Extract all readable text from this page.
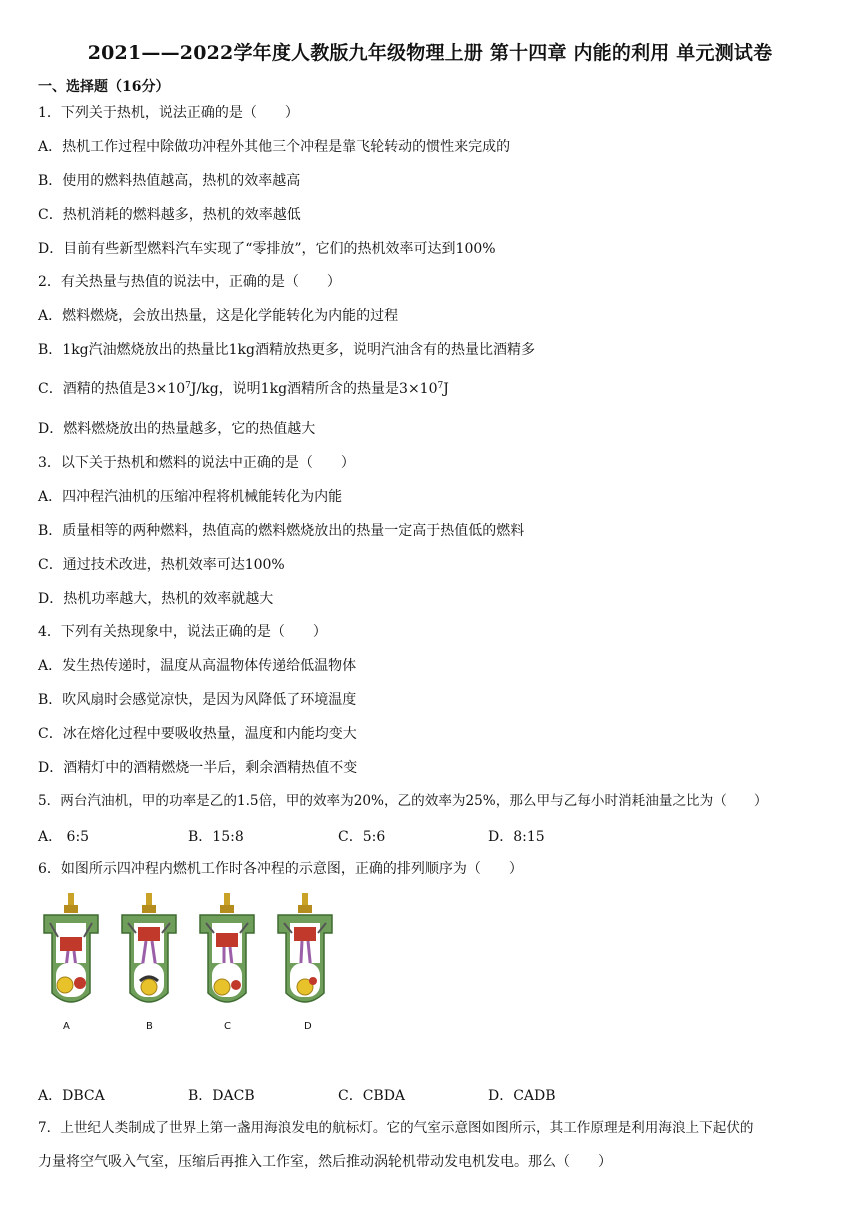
2021——2022学年度人教版九年级物理上册 第十四章 内能的利用 单元测试卷
一、选择题（16分）
1．下列关于热机，说法正确的是（　　）
A．热机工作过程中除做功冲程外其他三个冲程是靠飞轮转动的惯性来完成的
B．使用的燃料热值越高，热机的效率越高
C．热机消耗的燃料越多，热机的效率越低
D．目前有些新型燃料汽车实现了“零排放”，它们的热机效率可达到100%
2．有关热量与热值的说法中，正确的是（　　）
A．燃料燃烧，会放出热量，这是化学能转化为内能的过程
B．1kg汽油燃烧放出的热量比1kg酒精放热更多，说明汽油含有的热量比酒精多
C．酒精的热值是$3\times 10^7J/kg$，说明1kg酒精所含的热量是$3\times 10^7J$
D．燃料燃烧放出的热量越多，它的热值越大
3．以下关于热机和燃料的说法中正确的是（　　）
A．四冲程汽油机的压缩冲程将机械能转化为内能
B．质量相等的两种燃料，热值高的燃料燃烧放出的热量一定高于热值低的燃料
C．通过技术改进，热机效率可达100%
D．热机功率越大，热机的效率就越大
4．下列有关热现象中，说法正确的是（　　）
A．发生热传递时，温度从高温物体传递给低温物体
B．吹风扇时会感觉凉快，是因为风降低了环境温度
C．冰在熔化过程中要吸收热量，温度和内能均变大
D．酒精灯中的酒精燃烧一半后，剩余酒精热值不变
5．两台汽油机，甲的功率是乙的1.5倍，甲的效率为20%，乙的效率为25%，那么甲与乙每小时消耗油量之比为（　　）
A． 6:5	B．15:8	C．5:6	D．8:15
6．如图所示四冲程内燃机工作时各冲程的示意图，正确的排列顺序为（　　）
A	B	C	D
A．DBCA	B．DACB	C．CBDA	D．CADB
7．上世纪人类制成了世界上第一盏用海浪发电的航标灯。它的气室示意图如图所示，其工作原理是利用海浪上下起伏的
力量将空气吸入气室，压缩后再推入工作室，然后推动涡轮机带动发电机发电。那么（　　）
